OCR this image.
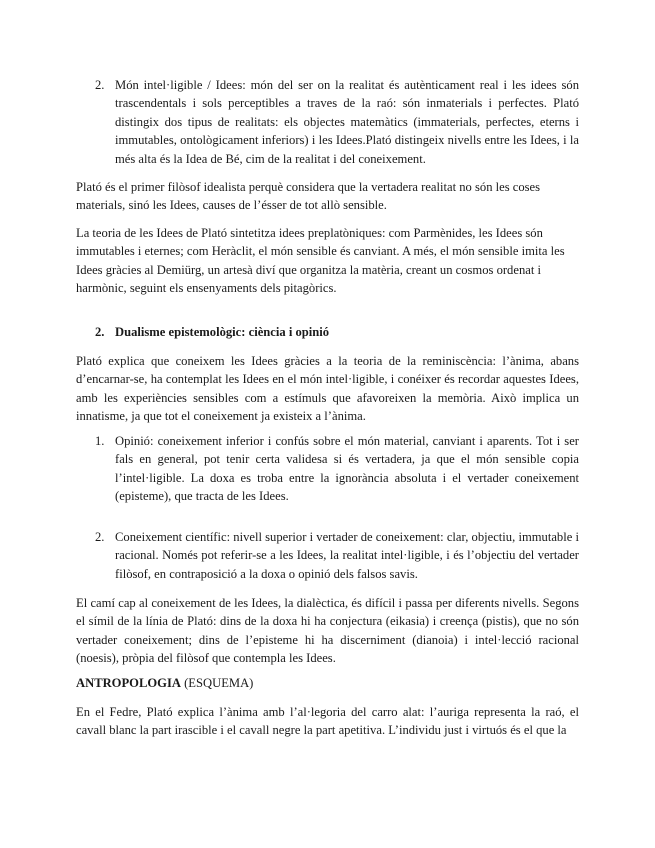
2. Món intel·ligible / Idees: món del ser on la realitat és autènticament real i les idees són trascendentals i sols perceptibles a traves de la raó: són inmaterials i perfectes. Plató distingix dos tipus de realitats: els objectes matemàtics (immaterials, perfectes, eterns i immutables, ontològicament inferiors) i les Idees.Plató distingeix nivells entre les Idees, i la més alta és la Idea de Bé, cim de la realitat i del coneixement.

Plató és el primer filòsof idealista perquè considera que la vertadera realitat no són les coses materials, sinó les Idees, causes de l’ésser de tot allò sensible.

La teoria de les Idees de Plató sintetitza idees preplatòniques: com Parmènides, les Idees són immutables i eternes; com Heràclit, el món sensible és canviant. A més, el món sensible imita les Idees gràcies al Demiürg, un artesà diví que organitza la matèria, creant un cosmos ordenat i harmònic, seguint els ensenyaments dels pitagòrics.

2. Dualisme epistemològic: ciència i opinió

Plató explica que coneixem les Idees gràcies a la teoria de la reminiscència: l’ànima, abans d’encarnar-se, ha contemplat les Idees en el món intel·ligible, i conéixer és recordar aquestes Idees, amb les experiències sensibles com a estímuls que afavoreixen la memòria. Això implica un innatisme, ja que tot el coneixement ja existeix a l’ànima.

1. Opinió: coneixement inferior i confús sobre el món material, canviant i aparents. Tot i ser fals en general, pot tenir certa validesa si és vertadera, ja que el món sensible copia l’intel·ligible. La doxa es troba entre la ignorància absoluta i el vertader coneixement (episteme), que tracta de les Idees.
2. Coneixement científic: nivell superior i vertader de coneixement: clar, objectiu, immutable i racional. Només pot referir-se a les Idees, la realitat intel·ligible, i és l’objectiu del vertader filòsof, en contraposició a la doxa o opinió dels falsos savis.

El camí cap al coneixement de les Idees, la dialèctica, és difícil i passa per diferents nivells. Segons el símil de la línia de Plató: dins de la doxa hi ha conjectura (eikasia) i creença (pistis), que no són vertader coneixement; dins de l’episteme hi ha discerniment (dianoia) i intel·lecció racional (noesis), pròpia del filòsof que contempla les Idees.

ANTROPOLOGIA (ESQUEMA)

En el Fedre, Plató explica l’ànima amb l’al·legoria del carro alat: l’auriga representa la raó, el cavall blanc la part irascible i el cavall negre la part apetitiva. L’individu just i virtuós és el que la
